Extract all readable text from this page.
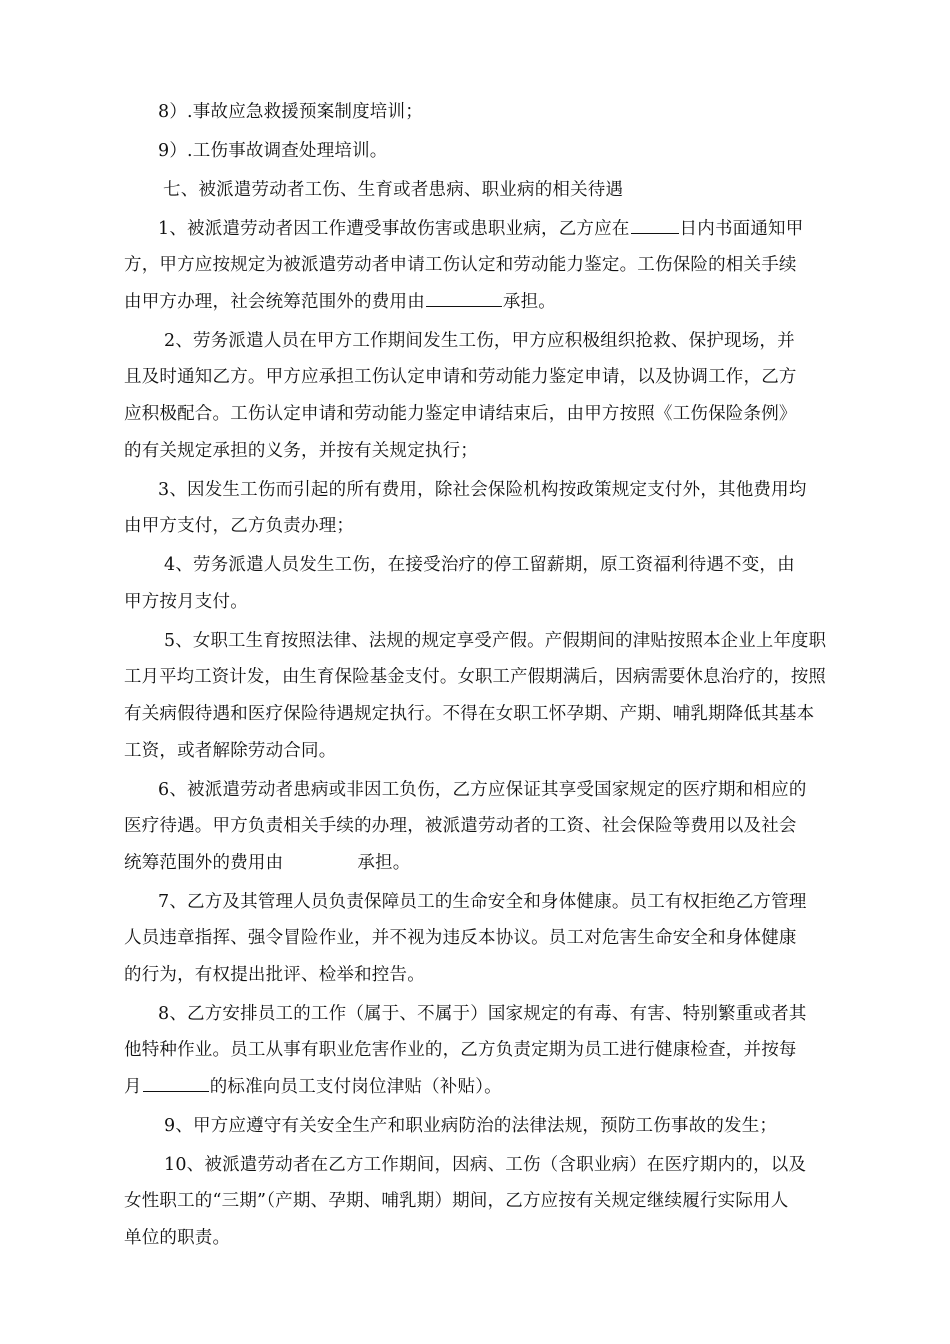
8）.事故应急救援预案制度培训；
9）.工伤事故调查处理培训。
七、被派遣劳动者工伤、生育或者患病、职业病的相关待遇
1、被派遣劳动者因工作遭受事故伤害或患职业病，乙方应在	日内书面通知甲
方，甲方应按规定为被派遣劳动者申请工伤认定和劳动能力鉴定。工伤保险的相关手续
由甲方办理，社会统筹范围外的费用由	承担。
2、劳务派遣人员在甲方工作期间发生工伤，甲方应积极组织抢救、保护现场，并
且及时通知乙方。甲方应承担工伤认定申请和劳动能力鉴定申请，以及协调工作，乙方
应积极配合。工伤认定申请和劳动能力鉴定申请结束后，由甲方按照《工伤保险条例》
的有关规定承担的义务，并按有关规定执行；
3、因发生工伤而引起的所有费用，除社会保险机构按政策规定支付外，其他费用均
由甲方支付，乙方负责办理；
4、劳务派遣人员发生工伤，在接受治疗的停工留薪期，原工资福利待遇不变，由
甲方按月支付。
5、女职工生育按照法律、法规的规定享受产假。产假期间的津贴按照本企业上年度职
工月平均工资计发，由生育保险基金支付。女职工产假期满后，因病需要休息治疗的，按照
有关病假待遇和医疗保险待遇规定执行。不得在女职工怀孕期、产期、哺乳期降低其基本
工资，或者解除劳动合同。
6、被派遣劳动者患病或非因工负伤，乙方应保证其享受国家规定的医疗期和相应的
医疗待遇。甲方负责相关手续的办理，被派遣劳动者的工资、社会保险等费用以及社会
统筹范围外的费用由	承担。
7、乙方及其管理人员负责保障员工的生命安全和身体健康。员工有权拒绝乙方管理
人员违章指挥、强令冒险作业，并不视为违反本协议。员工对危害生命安全和身体健康
的行为，有权提出批评、检举和控告。
8、乙方安排员工的工作（属于、不属于）国家规定的有毒、有害、特别繁重或者其
他特种作业。员工从事有职业危害作业的，乙方负责定期为员工进行健康检查，并按每
月	的标准向员工支付岗位津贴（补贴）。
9、甲方应遵守有关安全生产和职业病防治的法律法规，预防工伤事故的发生；
10、被派遣劳动者在乙方工作期间，因病、工伤（含职业病）在医疗期内的，以及
女性职工的“三期”（产期、孕期、哺乳期）期间，乙方应按有关规定继续履行实际用人
单位的职责。
